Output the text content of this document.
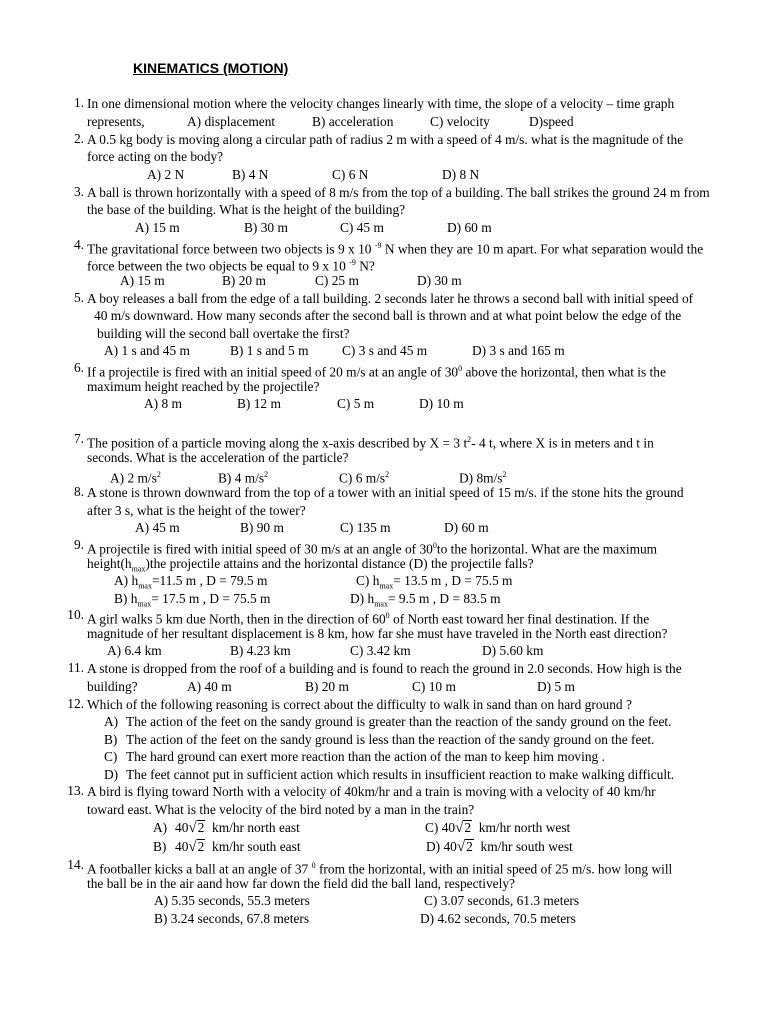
KINEMATICS (MOTION)
1. In one dimensional motion where the velocity changes linearly with time, the slope of a velocity – time graph
represents,	A) displacement	B) acceleration	C) velocity	D)speed
2. A 0.5 kg body is moving along a circular path of radius 2 m with a speed of 4 m/s. what is the magnitude of the
force acting on the body?
A) 2 N	B) 4 N	C) 6 N	D) 8 N
3. A ball is thrown horizontally with a speed of 8 m/s from the top of a building. The ball strikes the ground 24 m from
the base of the building. What is the height of the building?
A) 15 m	B) 30 m	C) 45 m	D) 60 m
4. The gravitational force between two objects is 9 x 10 $^{-9}$ N when they are 10 m apart. For what separation would the
force between the two objects be equal to 9 x 10 $^{-9}$ N?
A) 15 m	B) 20 m	C) 25 m	D) 30 m
5. A boy releases a ball from the edge of a tall building. 2 seconds later he throws a second ball with initial speed of
40 m/s downward. How many seconds after the second ball is thrown and at what point below the edge of the
building will the second ball overtake the first?
A) 1 s and 45 m	B) 1 s and 5 m	C) 3 s and 45 m	D) 3 s and 165 m
6. If a projectile is fired with an initial speed of 20 m/s at an angle of $30^0$ above the horizontal, then what is the
maximum height reached by the projectile?
A) 8 m	B) 12 m	C) 5 m	D) 10 m
7. The position of a particle moving along the x-axis described by X = 3 $t^2-$ 4 t, where X is in meters and t in
seconds. What is the acceleration of the particle?
A) 2 $m/s^2$	B) 4 $m/s^2$	C) 6 $m/s^2$	D) $8m/s^2$
8. A stone is thrown downward from the top of a tower with an initial speed of 15 m/s. if the stone hits the ground
after 3 s, what is the height of the tower?
A) 45 m	B) 90 m	C) 135 m	D) 60 m
9. A projectile is fired with initial speed of 30 m/s at an angle of $30^0to$ the horizontal. What are the maximum
$height(h_{max})the$ projectile attains and the horizontal distance (D) the projectile falls?
A) $h_{max}=11.5$ m , D = 79.5 m	C) $h_{max}= 13.5$ m , D = 75.5 m
B) $h_{max}= 17.5$ m , D = 75.5 m	D) $h_{max}= 9.5$ m , D = 83.5 m
10. A girl walks 5 km due North, then in the direction of $60^0$ of North east toward her final destination. If the
magnitude of her resultant displacement is 8 km, how far she must have traveled in the North east direction?
A) 6.4 km	B) 4.23 km	C) 3.42 km	D) 5.60 km
11. A stone is dropped from the roof of a building and is found to reach the ground in 2.0 seconds. How high is the
building?	A) 40 m	B) 20 m	C) 10 m	D) 5 m
12. Which of the following reasoning is correct about the difficulty to walk in sand than on hard ground ?
A) The action of the feet on the sandy ground is greater than the reaction of the sandy ground on the feet.
B) The action of the feet on the sandy ground is less than the reaction of the sandy ground on the feet.
C) The hard ground can exert more reaction than the action of the man to keep him moving .
D) The feet cannot put in sufficient action which results in insufficient reaction to make walking difficult.
13. A bird is flying toward North with a velocity of 40km/hr and a train is moving with a velocity of 40 km/hr
toward east. What is the velocity of the bird noted by a man in the train?
A) 40√2 km/hr north east	C) 40√2 km/hr north west
B) 40√2 km/hr south east	D) 40√2 km/hr south west
14. A footballer kicks a ball at an angle of 37 $^0$ from the horizontal, with an initial speed of 25 m/s. how long will
the ball be in the air aand how far down the field did the ball land, respectively?
A) 5.35 seconds, 55.3 meters	C) 3.07 seconds, 61.3 meters
B) 3.24 seconds, 67.8 meters	D) 4.62 seconds, 70.5 meters
